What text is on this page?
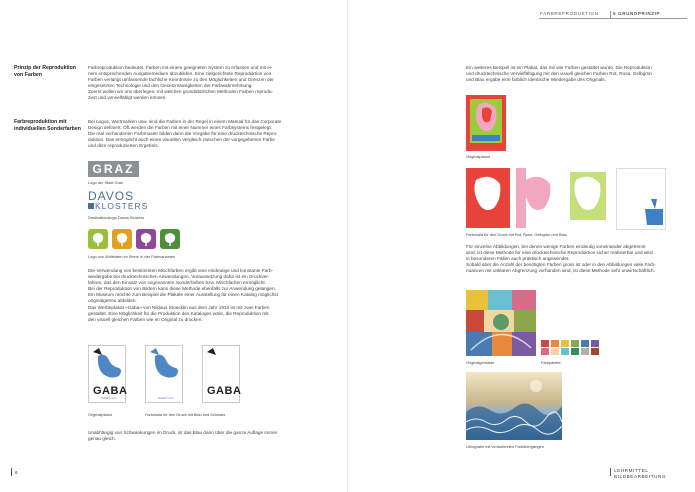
FARBREPRODUKTION	5 GRUNDPRINZIP
Prinzip der Reproduktion
von Farben
Farbreproduktion bedeutet, Farben mit einem geeigneten System zu erfassen und mit ei-
nem entsprechenden Ausgabemedium abzubilden. Eine zielgerichtete Reproduktion von
Farben verlangt umfassende fachliche Kenntnisse zu den Möglichkeiten und Grenzen der
eingesetzten Technologie und den Gesetzmässigkeiten der Farbwahrnehmung.
Zuerst wollen wir uns überlegen, mit welchen grundsätzlichen Methoden Farben reprodu-
ziert und vervielfältigt werden können.
Farbreproduktion mit
individuellen Sonderfarben
Bei Logos, Wortmarken usw. sind die Farben in der Regel in einem Manual für das Corporate
Design definiert. Oft werden die Farben mit einer Nummer eines Farbsystems festgelegt.
Die real vorhandenen Farbmuster bilden dann die Vorgabe für eine drucktechnische Repro-
duktion. Das ermöglicht auch einen visuellen Vergleich zwischen der vorgegebenen Farbe
und dem reproduzierten Ergebnis.
GRAZ
Logo der Stadt Graz
DAVOS
KLOSTERS
Destinationslogo Davos Klosters
Logo von Wolfsfarm im Sinne in vier Farbvarianten
Die Verwendung von bestimmten Mischfarben ergibt eine eindeutige und konstante Farb-
wiedergabe bei drucktechnischen Anwendungen. Voraussetzung dafür ist ein Druckver-
fahren, das den Einsatz von sogenannten Sonderfarben bzw. Mischfarben ermöglicht.
Bei der Reproduktion von Bildern kann diese Methode ebenfalls zur Anwendung gelangen.
Ein Museum möchte zum Beispiel die Plakate einer Ausstellung für einen Katalog möglichst
originalgetreu abbilden.
Das Werbeplakat «Gaba» von Niklaus Stoecklin aus dem Jahr 1934 ist mit zwei Farben
gestaltet. Eine Möglichkeit für die Produktion des Kataloges wäre, die Reproduktion mit
den visuell gleichen Farben wie im Original zu drucken.
GABA
Gaba® rein	Gaba® rein
GABA
Originalplakat	Farbskala für den Druck mit Blau und Schwarz
Unabhängig von Schwankungen im Druck, ist das Blau dann über die ganze Auflage immer
genau gleich.
6
Ein weiteres Beispiel ist ein Plakat, das mit vier Farben gestaltet wurde. Die Reproduktion
und drucktechnische Vervielfältigung mit den visuell gleichen Farben Rot, Rosa, Gelbgrün
und Blau ergabe eine farblich identische Wiedergabe des Originals.
Originalplakat
Farbskala für den Druck mit Rot, Rosa, Gelbgrün und Blau
Für einzelne Abbildungen, bei denen wenige Farben eindeutig voneinander abgetrennt
sind, ist diese Methode für eine drucktechnische Reproduktion sicher realisierbar und wird
in besonderen Fällen auch praktisch angewendet.
Sobald aber die Anzahl der benötigten Farben gross ist oder in den Abbildungen viele Farb-
nuancen mit unklaren Abgrenzung vorhanden sind, ist diese Methode sehr unwirtschaftlich.
Originalgemälde	Farbpalette
Lithografie mit verlaufenden Farbübergängen
LEHRMITTEL
BILDBEARBEITUNG
